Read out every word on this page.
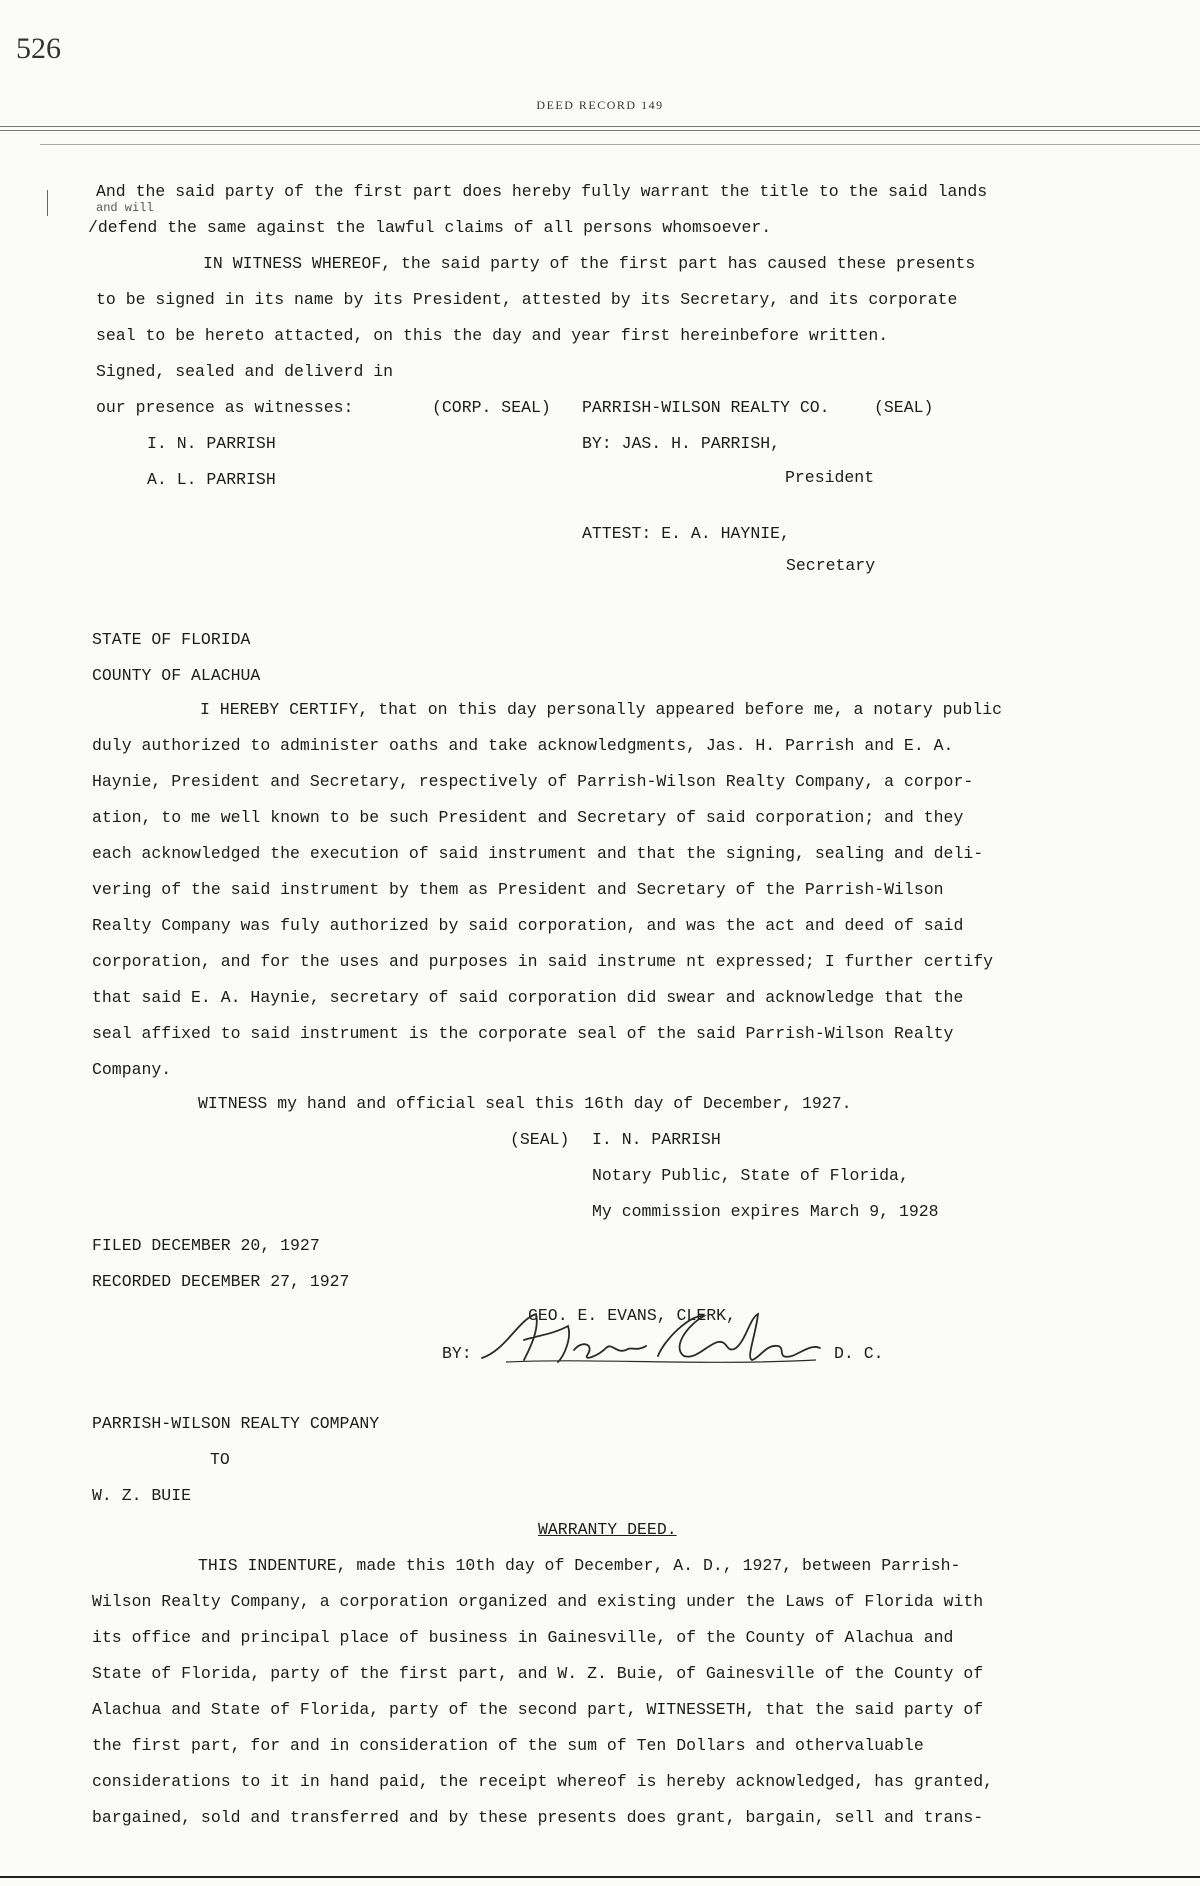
526
DEED RECORD 149
And the said party of the first part does hereby fully warrant the title to the said lands
and will
/defend the same against the lawful claims of all persons whomsoever.
IN WITNESS WHEREOF, the said party of the first part has caused these presents
to be signed in its name by its President, attested by its Secretary, and its corporate
seal to be hereto attacted, on this the day and year first hereinbefore written.
Signed, sealed and deliverd in
our presence as witnesses:	(CORP. SEAL) PARRISH-WILSON REALTY CO.	(SEAL)
I. N. PARRISH	BY: JAS. H. PARRISH,
A. L. PARRISH	President
ATTEST: E. A. HAYNIE,
Secretary
STATE OF FLORIDA
COUNTY OF ALACHUA
I HEREBY CERTIFY, that on this day personally appeared before me, a notary public
duly authorized to administer oaths and take acknowledgments, Jas. H. Parrish and E. A.
Haynie, President and Secretary, respectively of Parrish-Wilson Realty Company, a corpor-
ation, to me well known to be such President and Secretary of said corporation; and they
each acknowledged the execution of said instrument and that the signing, sealing and deli-
vering of the said instrument by them as President and Secretary of the Parrish-Wilson
Realty Company was fuly authorized by said corporation, and was the act and deed of said
corporation, and for the uses and purposes in said instrume nt expressed; I further certify
that said E. A. Haynie, secretary of said corporation did swear and acknowledge that the
seal affixed to said instrument is the corporate seal of the said Parrish-Wilson Realty
Company.
WITNESS my hand and official seal this 16th day of December, 1927.
(SEAL) I. N. PARRISH
Notary Public, State of Florida,
My commission expires March 9, 1928
FILED DECEMBER 20, 1927
RECORDED DECEMBER 27, 1927
GEO. E. EVANS, CLERK,
BY:	D. C.
PARRISH-WILSON REALTY COMPANY
TO
W. Z. BUIE
WARRANTY DEED.
THIS INDENTURE, made this 10th day of December, A. D., 1927, between Parrish-
Wilson Realty Company, a corporation organized and existing under the Laws of Florida with
its office and principal place of business in Gainesville, of the County of Alachua and
State of Florida, party of the first part, and W. Z. Buie, of Gainesville of the County of
Alachua and State of Florida, party of the second part, WITNESSETH, that the said party of
the first part, for and in consideration of the sum of Ten Dollars and othervaluable
considerations to it in hand paid, the receipt whereof is hereby acknowledged, has granted,
bargained, sold and transferred and by these presents does grant, bargain, sell and trans-
